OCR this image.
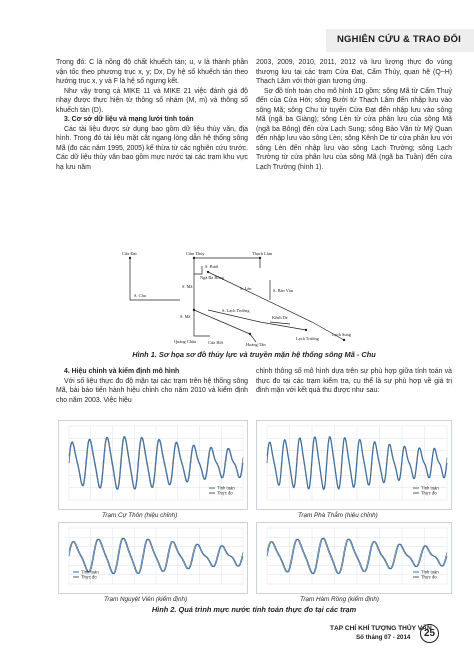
NGHIÊN CỨU & TRAO ĐỔI

Trong đó: C là nồng độ chất khuếch tán; u, v là thành phần vận tốc theo phương trục x, y; Dx, Dy hệ số khuếch tán theo hướng trục x, y và F là hệ số ngưng kết.

Như vậy trong cả MIKE 11 và MIKE 21 việc đánh giá độ nhạy được thực hiện từ thông số nhám (M, m) và thông số khuếch tán (D).

3. Cơ sở dữ liệu và mạng lưới tính toán

Các tài liệu được sử dụng bao gồm dữ liệu thủy văn, địa hình. Trong đó tài liệu mặt cắt ngang lòng dẫn hệ thống sông Mã (đo các năm 1995, 2005) kế thừa từ các nghiên cứu trước. Các dữ liệu thủy văn bao gồm mực nước tại các trạm khu vực hạ lưu năm

2003, 2009, 2010, 2011, 2012 và lưu lượng thực đo vùng thượng lưu tại các trạm Cửa Đạt, Cẩm Thủy, quan hệ (Q~H) Thạch Lâm với thời gian tương ứng.

Sơ đồ tính toán cho mô hình 1D gồm: sông Mã từ Cẩm Thuỷ đến của Cửa Hới; sông Bưởi từ Thạch Lâm đến nhập lưu vào sông Mã; sông Chu từ tuyến Cửa Đạt đến nhập lưu vào sông Mã (ngã ba Giàng); sông Lèn từ cửa phân lưu của sông Mã (ngã ba Bông) đến cửa Lạch Sung; sông Bảo Văn từ Mỹ Quan đến nhập lưu vào sông Lèn; sông Kênh De từ cửa phân lưu với sông Lèn đến nhập lưu vào sông Lạch Trường; sông Lạch Trường từ cửa phân lưu của sông Mã (ngã ba Tuần) đến cửa Lạch Trường (hình 1).

Cửa Đạt	Cẩm Thủy	Thạch Lâm
S. Bưởi
S. Mã
Ngã Ba Bông
S. Chu
S. Lèn	S. Bảo Văn
S. Lạch Trường
Kênh De
S. Mã
Quảng Châu
Hoàng Tân
Lạch Sung
Lạch Trường
Cửa Hới
Hình 1. Sơ họa sơ đồ thủy lực và truyền mặn hệ thống sông Mã - Chu

4. Hiệu chỉnh và kiểm định mô hình

Với số liệu thực đo độ mặn tại các trạm trên hệ thống sông Mã, bài báo tiến hành hiệu chỉnh cho năm 2010 và kiểm định cho năm 2003. Việc hiệu

chỉnh thông số mô hình dựa trên sự phù hợp giữa tính toán và thực đo tại các trạm kiểm tra, cụ thể là sự phù hợp về giá trị đỉnh mặn với kết quả thu được như sau:

Tính toán
Thực đo
Trạm Cự Thôn (hiệu chỉnh)
Tính toán
Thực đo
Trạm Phà Thắm (hiệu chỉnh)
Tính toán
Thực đo
Trạm Nguyệt Viên (kiểm định)
Tính toán
Thực đo
Trạm Hàm Rồng (kiểm định)
Hình 2. Quá trình mực nước tính toán thực đo tại các trạm
TẠP CHÍ KHÍ TƯỢNG THỦY VĂN
Số tháng 07 - 2014	25
